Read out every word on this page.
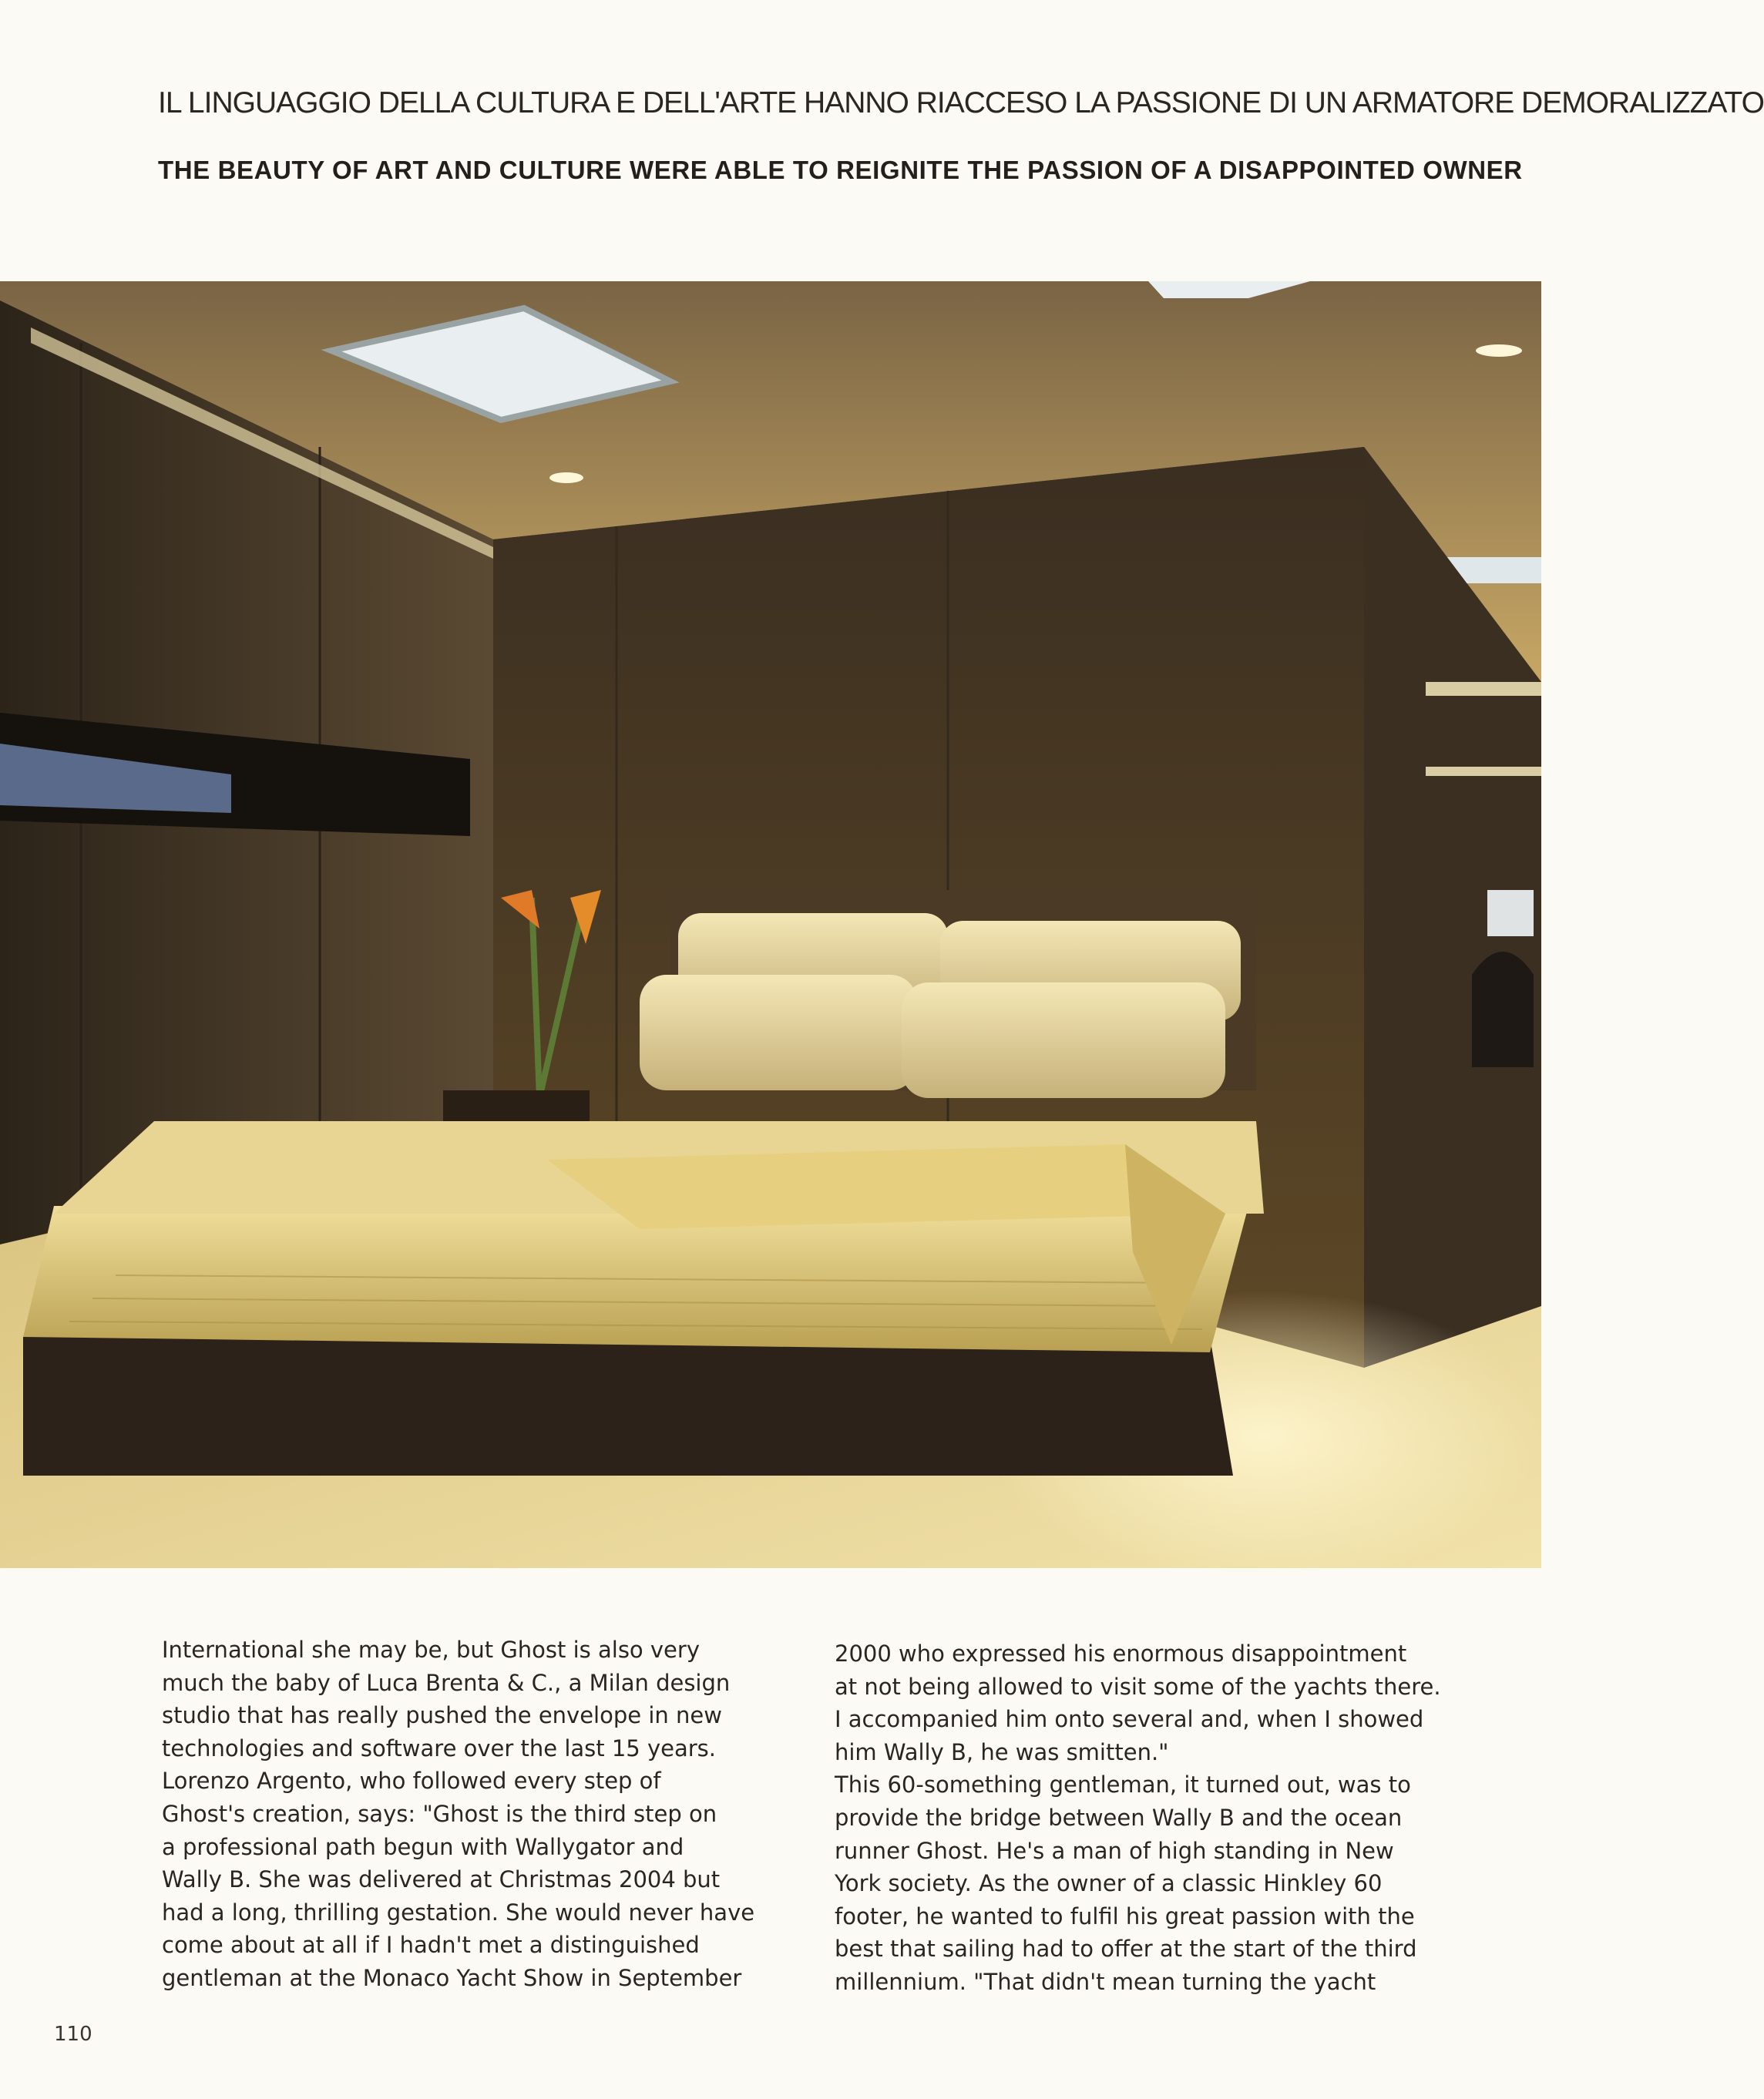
IL LINGUAGGIO DELLA CULTURA E DELL'ARTE HANNO RIACCESO LA PASSIONE DI UN ARMATORE DEMORALIZZATO
THE BEAUTY OF ART AND CULTURE WERE ABLE TO REIGNITE THE PASSION OF A DISAPPOINTED OWNER
International she may be, but Ghost is also very
much the baby of Luca Brenta & C., a Milan design
studio that has really pushed the envelope in new
technologies and software over the last 15 years.
Lorenzo Argento, who followed every step of
Ghost's creation, says: "Ghost is the third step on
a professional path begun with Wallygator and
Wally B. She was delivered at Christmas 2004 but
had a long, thrilling gestation. She would never have
come about at all if I hadn't met a distinguished
gentleman at the Monaco Yacht Show in September
2000 who expressed his enormous disappointment
at not being allowed to visit some of the yachts there.
I accompanied him onto several and, when I showed
him Wally B, he was smitten."
This 60-something gentleman, it turned out, was to
provide the bridge between Wally B and the ocean
runner Ghost. He's a man of high standing in New
York society. As the owner of a classic Hinkley 60
footer, he wanted to fulfil his great passion with the
best that sailing had to offer at the start of the third
millennium. "That didn't mean turning the yacht
110
